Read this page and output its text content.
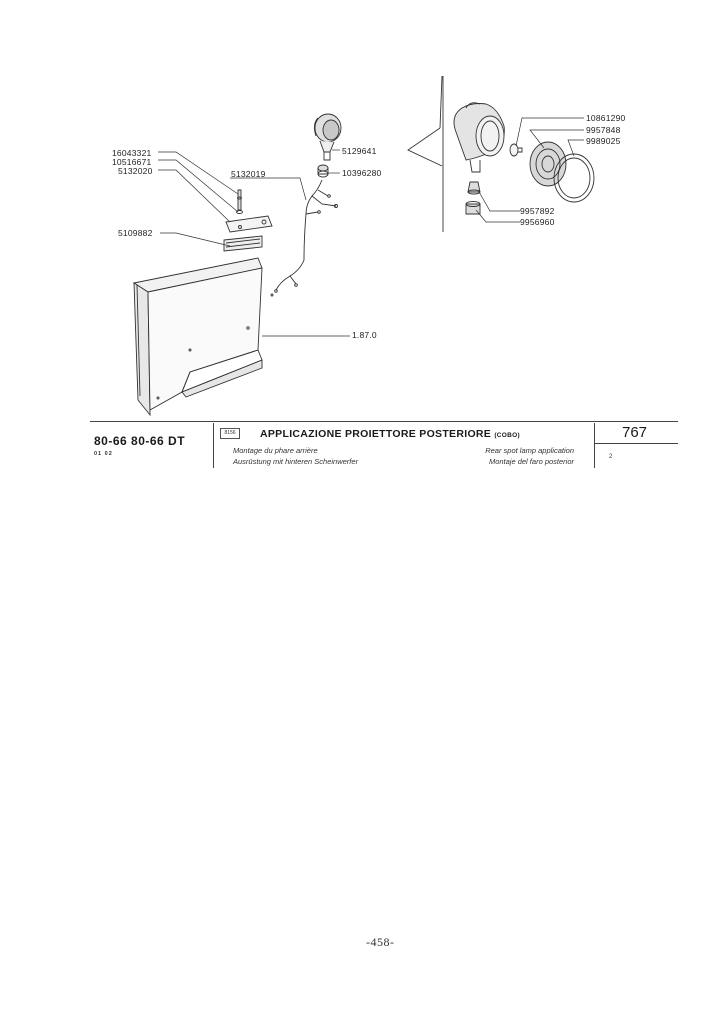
16043321
10516671
5132020
5109882
5132019
5129641
10396280
1.87.0
10861290
9957848
9989025
9957892
9956960
80-66 80-66 DT
01 02
8156	APPLICAZIONE PROIETTORE POSTERIORE (COBO)
Montage du phare arrière
Ausrüstung mit hinteren Scheinwerfer
Rear spot lamp application
Montaje del faro posterior
767
2
-458-
